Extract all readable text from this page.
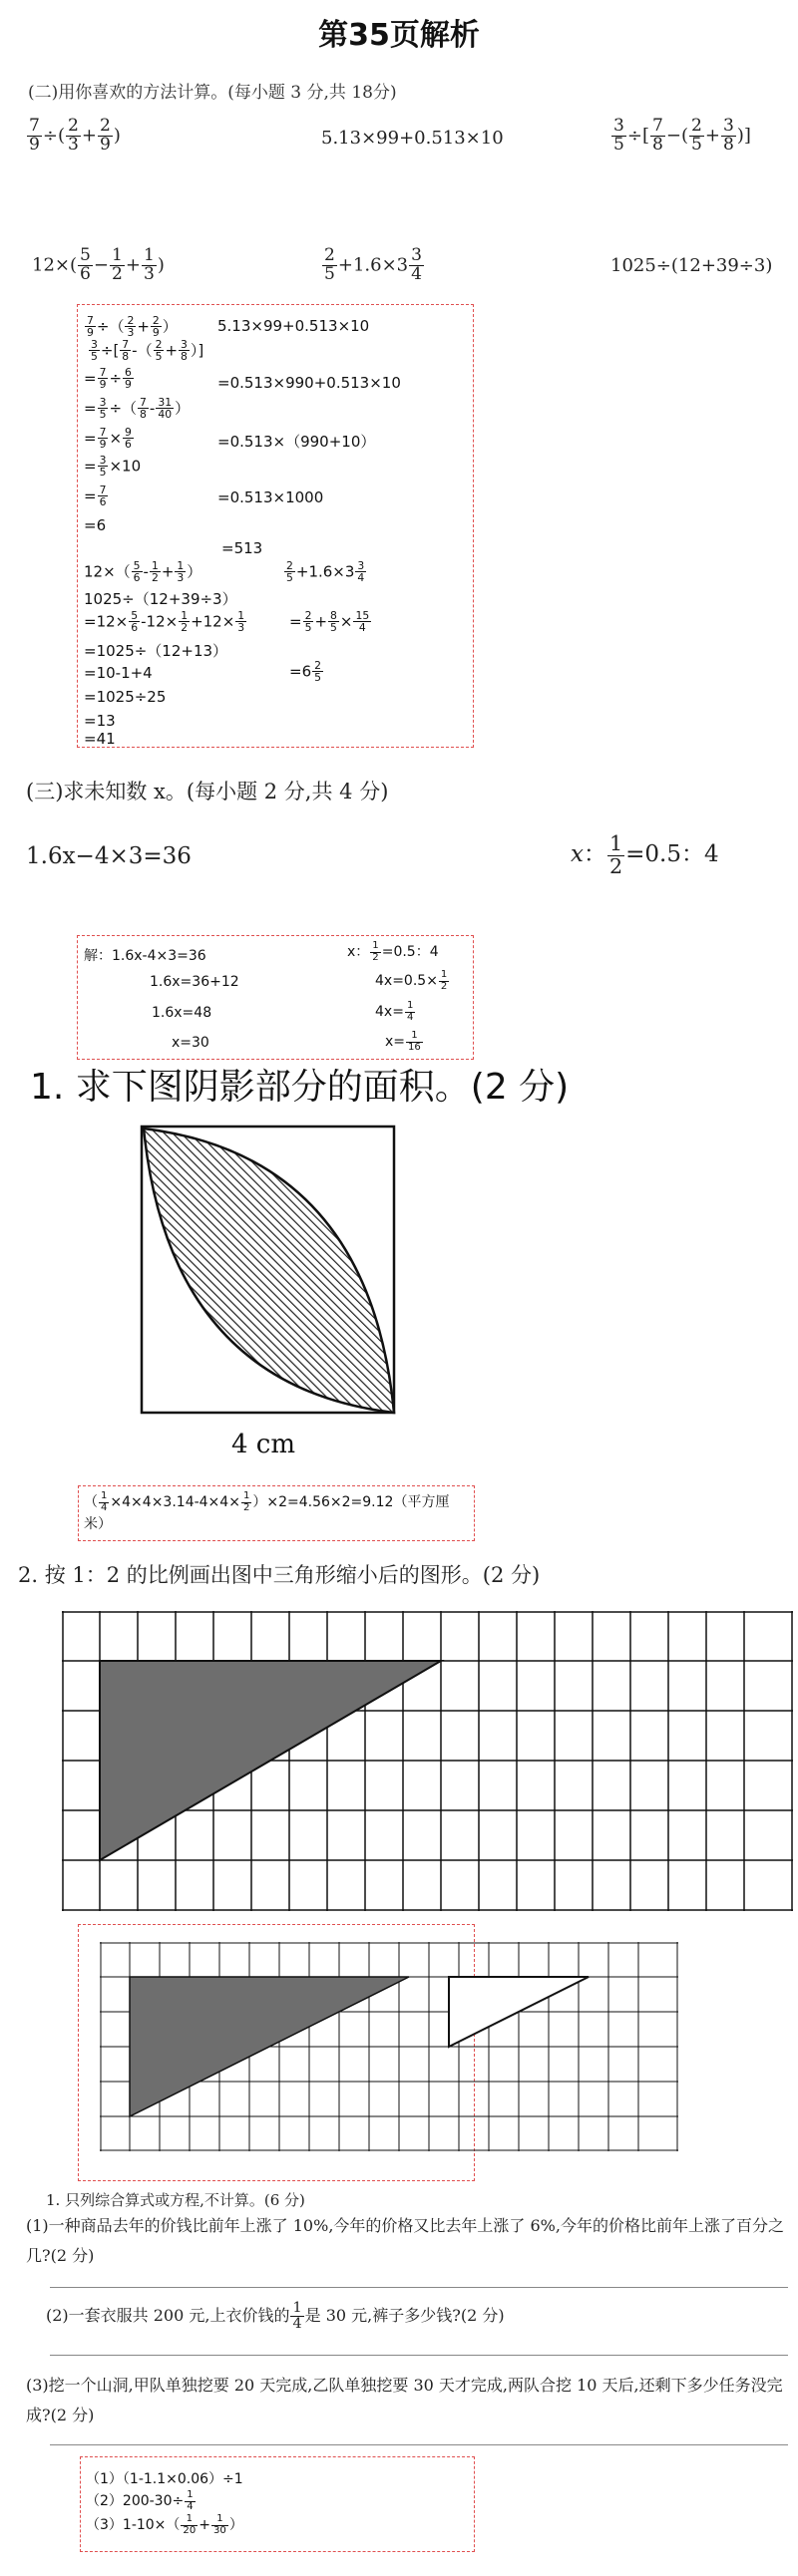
第35页解析
(二)用你喜欢的方法计算。(每小题 3 分,共 18分)
$\frac{7}{9}$ ÷( $\frac{2}{3} + \frac{2}{9}$ )	5.13×99+0.513×10	$\frac{3}{5}$ ÷[ $\frac{7}{8}$ −( $\frac{2}{5} + \frac{3}{8}$ )]
$12\times( \frac{5}{6} - \frac{1}{2} + \frac{1}{3}$ )	$\frac{2}{5} +1.6\times 3 \frac{3}{4}$	1025÷(12+39÷3)
$\frac{7}{9}$ ÷（ $\frac{2}{3} + \frac{2}{9}$ ）	5.13×99+0.513×10
$\frac{3}{5}$ ÷[ $\frac{7}{8}$ -（ $\frac{2}{5} + \frac{3}{8}$ ）]
= $\frac{7}{9} \div \frac{6}{9}$	=0.513×990+0.513×10
= $\frac{3}{5}$ ÷（ $\frac{7}{8} - \frac{31}{40}$ ）
=0.513×（990+10）
= $\frac{7}{9} \times \frac{9}{6}$
= $\frac{3}{5} \times 10$
=0.513×1000
= $\frac{7}{6}$
=6
=513
$12\times( \frac{5}{6} - \frac{1}{2} + \frac{1}{3}$ ）	$\frac{2}{5} +1.6\times 3 \frac{3}{4}$
1025÷（12+39÷3）
$=12\times \frac{5}{6} -12\times \frac{1}{2} +12\times \frac{1}{3}$	= $\frac{2}{5} + \frac{8}{5} \times \frac{15}{4}$
=1025÷（12+13）
=10-1+4	$=6 \frac{2}{5}$
=1025÷25
=13
=41
(三)求未知数 x。(每小题 2 分,共 4 分)
1.6x−4×3=36	x： $\frac{1}{2} =0.5$：4
解：1.6x-4×3=36	x： $\frac{1}{2} =0.5$：4
1.6x=36+12	$4x=0.5\times \frac{1}{2}$
1.6x=48	$4x= \frac{1}{4}$
x=30	$x= \frac{1}{16}$
1. 求下图阴影部分的面积。(2 分)
4 cm
（ $\frac{1}{4} \times 4\times 4\times 3.14-4\times 4\times \frac{1}{2} )\times 2=4.56\times 2=9.12$（平方厘米）
2. 按 1：2 的比例画出图中三角形缩小后的图形。(2 分)
1. 只列综合算式或方程,不计算。(6 分)
(1)一种商品去年的价钱比前年上涨了 10%,今年的价格又比去年上涨了 6%,今年的价格比前年上涨了百分之几?(2 分)
(2)一套衣服共 200 元,上衣价钱的 $\frac{1}{4}$ 是 30 元,裤子多少钱?(2 分)
(3)挖一个山洞,甲队单独挖要 20 天完成,乙队单独挖要 30 天才完成,两队合挖 10 天后,还剩下多少任务没完成?(2 分)
（1）（1-1.1×0.06）÷1
$(2)200-30\div \frac{1}{4}$
$(3)1-10\times( \frac{1}{20} + \frac{1}{30}$ ）
